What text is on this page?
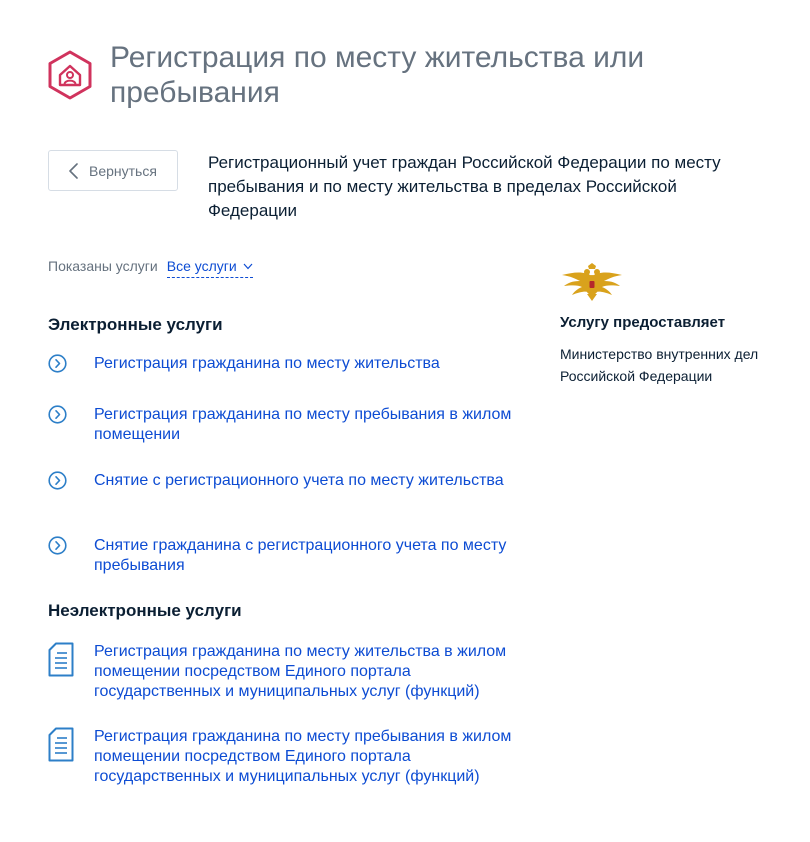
Регистрация по месту жительства или пребывания
Вернуться	Регистрационный учет граждан Российской Федерации по месту пребывания и по месту жительства в пределах Российской Федерации

Показаны услуги Все услуги
Электронные услуги
Регистрация гражданина по месту жительства
Регистрация гражданина по месту пребывания в жилом помещении
Снятие с регистрационного учета по месту жительства
Снятие гражданина с регистрационного учета по месту пребывания
Неэлектронные услуги
Регистрация гражданина по месту жительства в жилом помещении посредством Единого портала государственных и муниципальных услуг (функций)
Регистрация гражданина по месту пребывания в жилом помещении посредством Единого портала государственных и муниципальных услуг (функций)
Услугу предоставляет
Министерство внутренних дел Российской Федерации
